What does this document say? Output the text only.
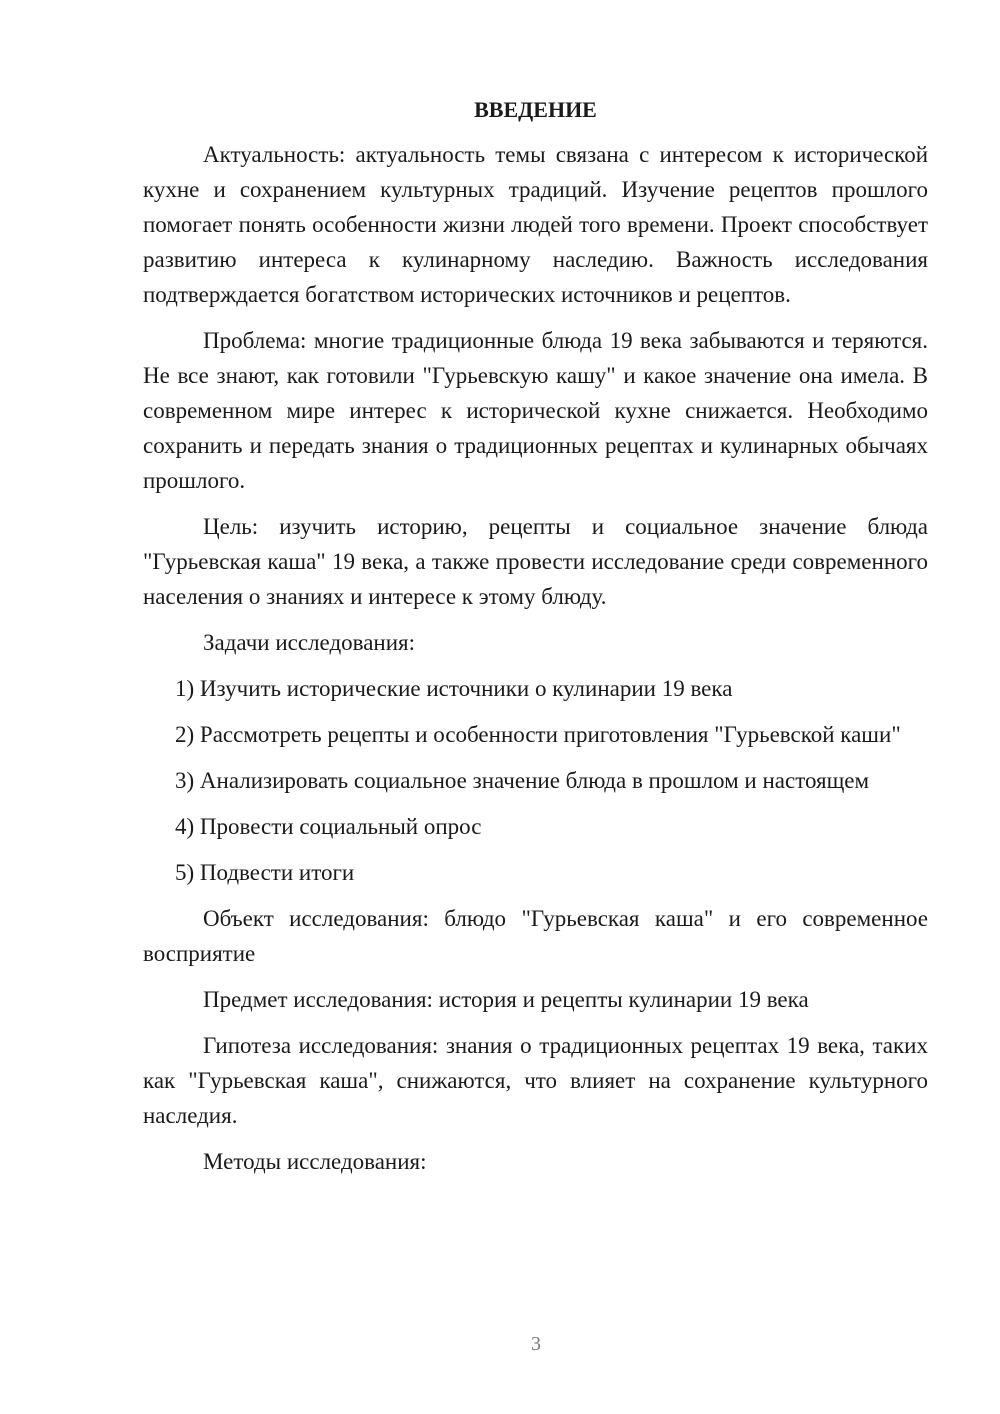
ВВЕДЕНИЕ

Актуальность: актуальность темы связана с интересом к исторической кухне и сохранением культурных традиций. Изучение рецептов прошлого помогает понять особенности жизни людей того времени. Проект способствует развитию интереса к кулинарному наследию. Важность исследования подтверждается богатством исторических источников и рецептов.

Проблема: многие традиционные блюда 19 века забываются и теряются. Не все знают, как готовили "Гурьевскую кашу" и какое значение она имела. В современном мире интерес к исторической кухне снижается. Необходимо сохранить и передать знания о традиционных рецептах и кулинарных обычаях прошлого.

Цель: изучить историю, рецепты и социальное значение блюда "Гурьевская каша" 19 века, а также провести исследование среди современного населения о знаниях и интересе к этому блюду.

Задачи исследования:

1) Изучить исторические источники о кулинарии 19 века

2) Рассмотреть рецепты и особенности приготовления "Гурьевской каши"

3) Анализировать социальное значение блюда в прошлом и настоящем

4) Провести социальный опрос

5) Подвести итоги

Объект исследования: блюдо "Гурьевская каша" и его современное восприятие

Предмет исследования: история и рецепты кулинарии 19 века

Гипотеза исследования: знания о традиционных рецептах 19 века, таких как "Гурьевская каша", снижаются, что влияет на сохранение культурного наследия.

Методы исследования:

3
